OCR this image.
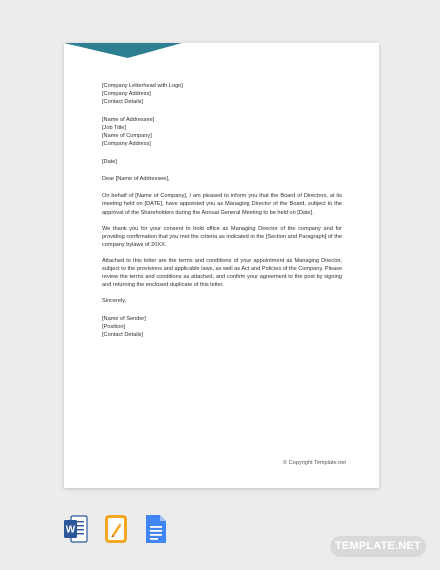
[Company Letterhead with Logo]
[Company Address]
[Contact Details]
[Name of Addressee]
[Job Title]
[Name of Company]
[Company Address]
[Date]
Dear [Name of Addressee],

On behalf of [Name of Company], I am pleased to inform you that the Board of Directors, at its meeting held on [DATE], have appointed you as Managing Director of the Board, subject to the approval of the Shareholders during the Annual General Meeting to be held on [Date].

We thank you for your consent to hold office as Managing Director of the company and for providing confirmation that you met the criteria as indicated in the [Section and Paragraph] of the company bylaws of 20XX.

Attached to this letter are the terms and conditions of your appointment as Managing Director, subject to the provisions and applicable laws, as well as Act and Policies of the Company. Please review the terms and conditions as attached, and confirm your agreement to the post by signing and returning the enclosed duplicate of this letter.

Sincerely,
[Name of Sender]
[Position]
[Contact Details]
© Copyright Template.net
W
TEMPLATE.NET
